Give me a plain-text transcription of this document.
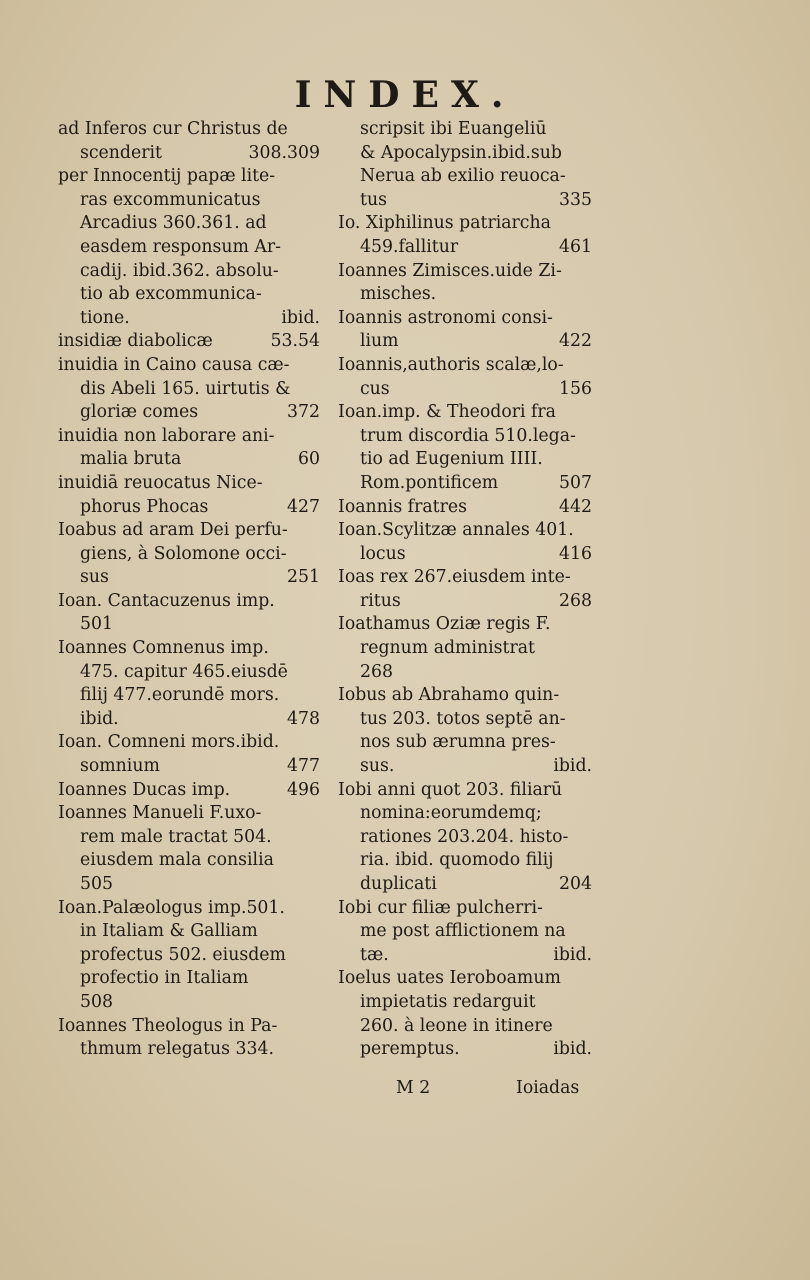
INDEX.
ad Inferos cur Christus de
scenderit	308.309
per Innocentij papæ lite-
ras excommunicatus
Arcadius 360.361. ad
easdem responsum Ar-
cadij. ibid.362. absolu-
tio ab excommunica-
tione.	ibid.
insidiæ diabolicæ	53.54
inuidia in Caino causa cæ-
dis Abeli 165. uirtutis &
gloriæ comes	372
inuidia non laborare ani-
malia bruta	60
inuidiā reuocatus Nice-
phorus Phocas	427
Ioabus ad aram Dei perfu-
giens, à Solomone occi-
sus	251
Ioan. Cantacuzenus imp.
501
Ioannes Comnenus imp.
475. capitur 465.eiusdē
filij 477.eorundē mors.
ibid.	478
Ioan. Comneni mors.ibid.
somnium	477
Ioannes Ducas imp.	496
Ioannes Manueli F.uxo-
rem male tractat 504.
eiusdem mala consilia
505
Ioan.Palæologus imp.501.
in Italiam & Galliam
profectus 502. eiusdem
profectio in Italiam
508
Ioannes Theologus in Pa-
thmum relegatus 334.
scripsit ibi Euangeliū
& Apocalypsin.ibid.sub
Nerua ab exilio reuoca-
tus	335
Io. Xiphilinus patriarcha
459.fallitur	461
Ioannes Zimisces.uide Zi-
misches.
Ioannis astronomi consi-
lium	422
Ioannis,authoris scalæ,lo-
cus	156
Ioan.imp. & Theodori fra
trum discordia 510.lega-
tio ad Eugenium IIII.
Rom.pontificem	507
Ioannis fratres	442
Ioan.Scylitzæ annales 401.
locus	416
Ioas rex 267.eiusdem inte-
ritus	268
Ioathamus Oziæ regis F.
regnum administrat
268
Iobus ab Abrahamo quin-
tus 203. totos septē an-
nos sub ærumna pres-
sus.	ibid.
Iobi anni quot 203. filiarū
nomina:eorumdemq;
rationes 203.204. histo-
ria. ibid. quomodo filij
duplicati	204
Iobi cur filiæ pulcherri-
me post afflictionem na
tæ.	ibid.
Ioelus uates Ieroboamum
impietatis redarguit
260. à leone in itinere
peremptus.	ibid.
M 2	Ioiadas
